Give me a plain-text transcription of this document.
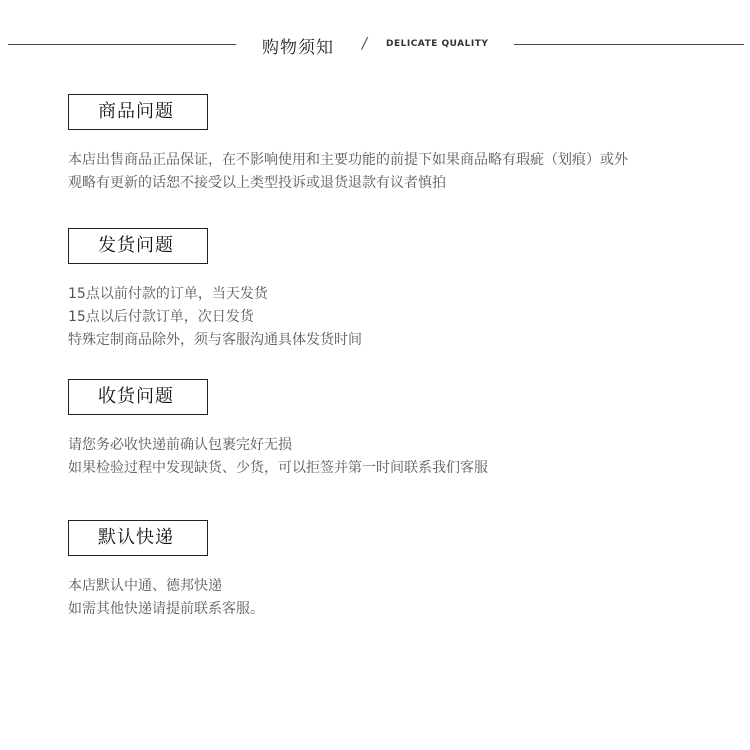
购物须知 / DELICATE QUALITY
商品问题
本店出售商品正品保证，在不影响使用和主要功能的前提下如果商品略有瑕疵（划痕）或外
观略有更新的话恕不接受以上类型投诉或退货退款有议者慎拍
发货问题
15点以前付款的订单，当天发货
15点以后付款订单，次日发货
特殊定制商品除外，须与客服沟通具体发货时间
收货问题
请您务必收快递前确认包裹完好无损
如果检验过程中发现缺货、少货，可以拒签并第一时间联系我们客服
默认快递
本店默认中通、德邦快递
如需其他快递请提前联系客服。
